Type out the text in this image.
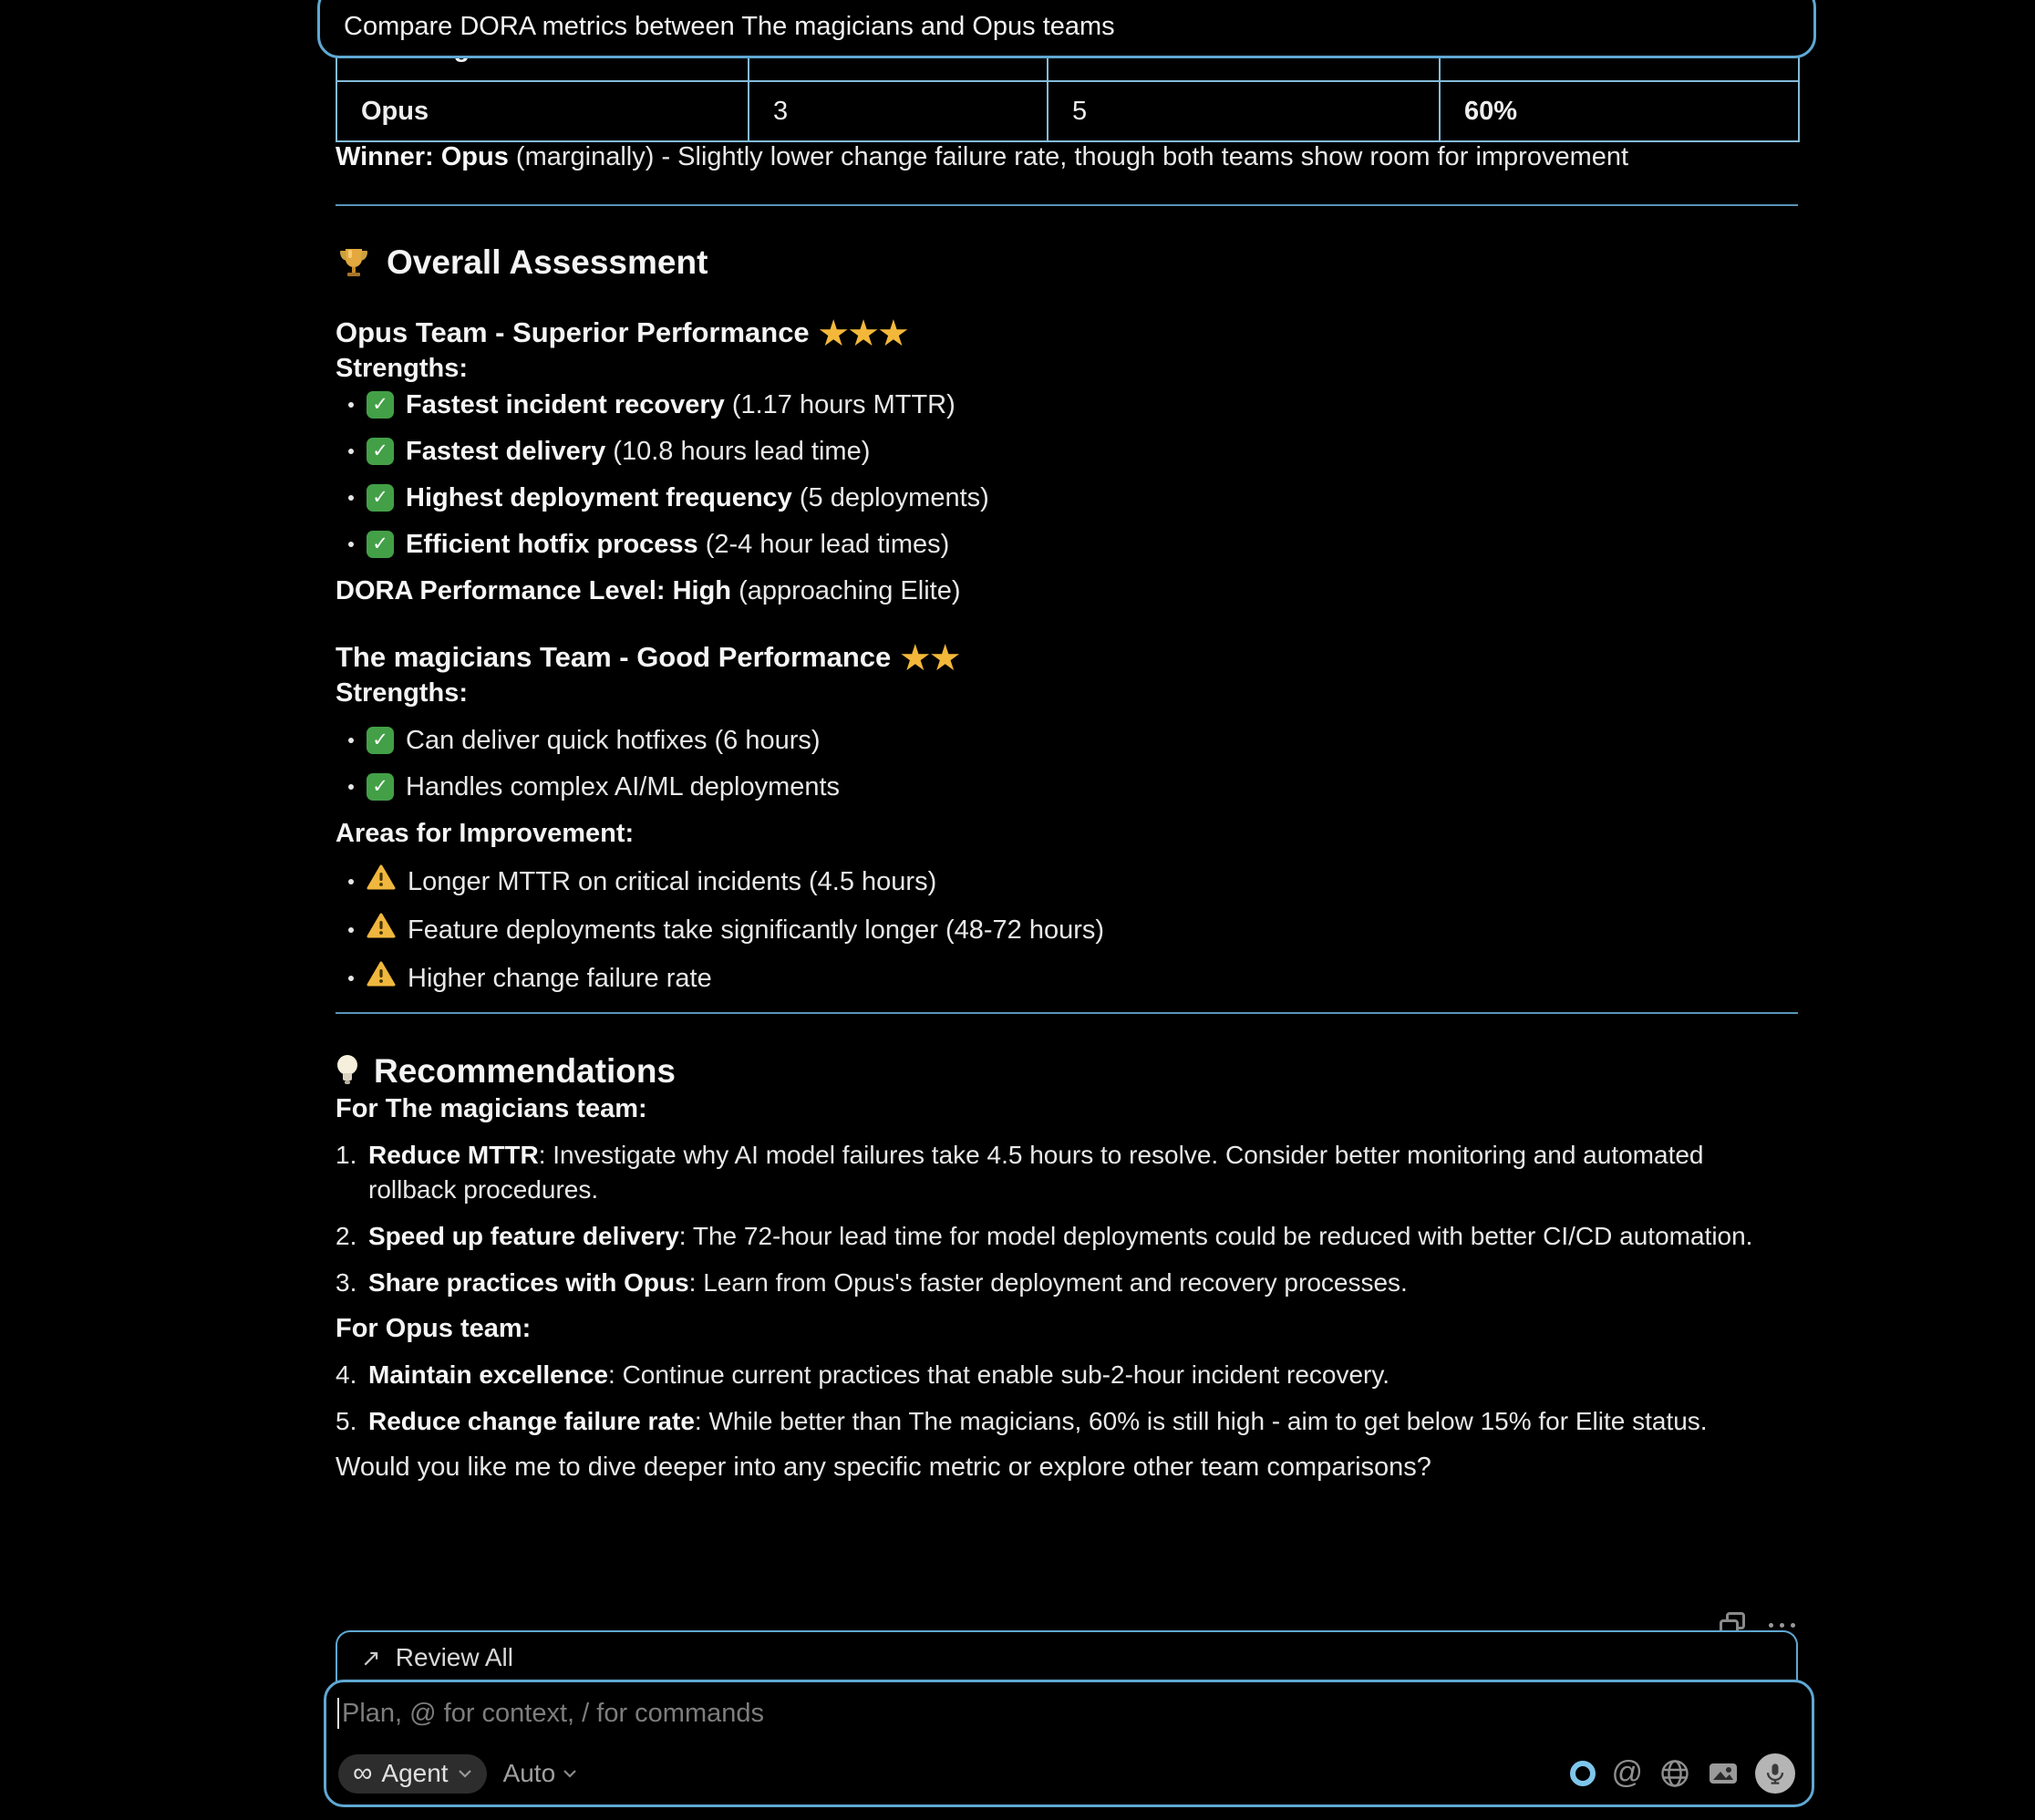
Opus	3	5	60%
Compare DORA metrics between The magicians and Opus teams

Winner: Opus (marginally) - Slightly lower change failure rate, though both teams show room for improvement

Overall Assessment
Opus Team - Superior Performance ★★★

Strengths:

✓ Fastest incident recovery (1.17 hours MTTR)
✓ Fastest delivery (10.8 hours lead time)
✓ Highest deployment frequency (5 deployments)
✓ Efficient hotfix process (2-4 hour lead times)

DORA Performance Level: High (approaching Elite)

The magicians Team - Good Performance ★★

Strengths:

✓ Can deliver quick hotfixes (6 hours)
✓ Handles complex AI/ML deployments

Areas for Improvement:

Longer MTTR on critical incidents (4.5 hours)
Feature deployments take significantly longer (48-72 hours)
Higher change failure rate
Recommendations

For The magicians team:

1. Reduce MTTR: Investigate why AI model failures take 4.5 hours to resolve. Consider better monitoring and automated rollback procedures.
2. Speed up feature delivery: The 72-hour lead time for model deployments could be reduced with better CI/CD automation.
3. Share practices with Opus: Learn from Opus's faster deployment and recovery processes.

For Opus team:

4. Maintain excellence: Continue current practices that enable sub-2-hour incident recovery.
5. Reduce change failure rate: While better than The magicians, 60% is still high - aim to get below 15% for Elite status.

Would you like me to dive deeper into any specific metric or explore other team comparisons?

↗ Review All
Plan, @ for context, / for commands
∞ Agent Auto	@
